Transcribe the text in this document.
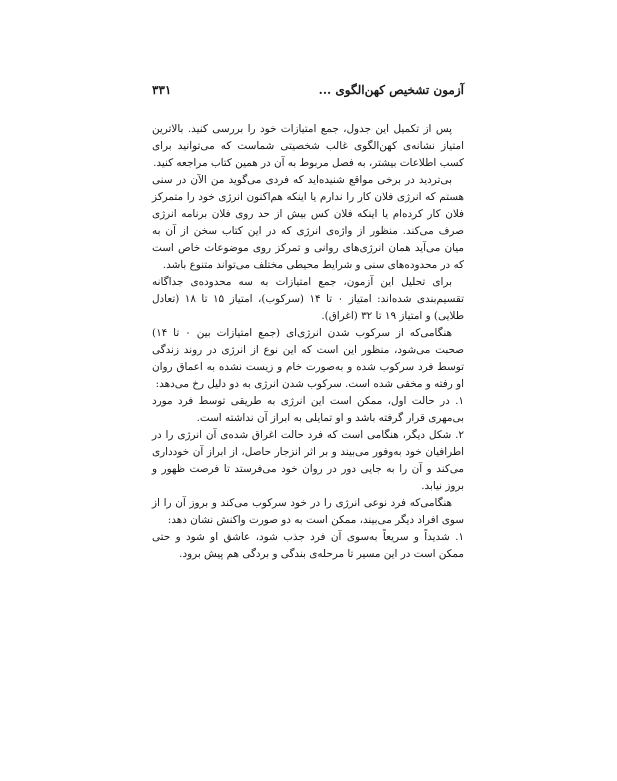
آزمون تشخیص کهن‌الگوی ...
۳۳۱

پس از تکمیل این جدول، جمع امتیازات خود را بررسی کنید. بالاترین امتیاز نشانه‌ی کهن‌الگوی غالب شخصیتی شماست که می‌توانید برای کسب اطلاعات بیشتر، به فصل مربوط به آن در همین کتاب مراجعه کنید.

بی‌تردید در برخی مواقع شنیده‌اید که فردی می‌گوید من الآن در سنی هستم که انرژی فلان کار را ندارم یا اینکه هم‌اکنون انرژی خود را متمرکز فلان کار کرده‌ام یا اینکه فلان کس بیش از حد روی فلان برنامه انرژی صرف می‌کند. منظور از واژه‌ی انرژی که در این کتاب سخن از آن به میان می‌آید همان انرژی‌های روانی و تمرکز روی موضوعات خاص است که در محدوده‌های سنی و شرایط محیطی مختلف می‌تواند متنوع باشد.

برای تحلیل این آزمون، جمع امتیازات به سه محدوده‌ی جداگانه تقسیم‌بندی شده‌اند: امتیاز ۰ تا ۱۴ (سرکوب)، امتیاز ۱۵ تا ۱۸ (تعادل طلایی) و امتیاز ۱۹ تا ۳۲ (اغراق).

هنگامی‌که از سرکوب شدن انرژی‌ای (جمع امتیازات بین ۰ تا ۱۴) صحبت می‌شود، منظور این است که این نوع از انرژی در روند زندگی توسط فرد سرکوب شده و به‌صورت خام و زیست نشده به اعماق روان او رفته و مخفی شده است. سرکوب شدن انرژی به دو دلیل رخ می‌دهد:

۱. در حالت اول، ممکن است این انرژی به طریقی توسط فرد مورد بی‌مهری قرار گرفته باشد و او تمایلی به ابراز آن نداشته است.

۲. شکل دیگر، هنگامی است که فرد حالت اغراق شده‌ی آن انرژی را در اطرافیان خود به‌وفور می‌بیند و بر اثر انزجار حاصل، از ابراز آن خودداری می‌کند و آن را به جایی دور در روان خود می‌فرستد تا فرصت ظهور و بروز نیابد.

هنگامی‌که فرد نوعی انرژی را در خود سرکوب می‌کند و بروز آن را از سوی افراد دیگر می‌بیند، ممکن است به دو صورت واکنش نشان دهد:

۱. شدیداً و سریعاً به‌سوی آن فرد جذب شود، عاشق او شود و حتی ممکن است در این مسیر تا مرحله‌ی بندگی و بردگی هم پیش برود.
